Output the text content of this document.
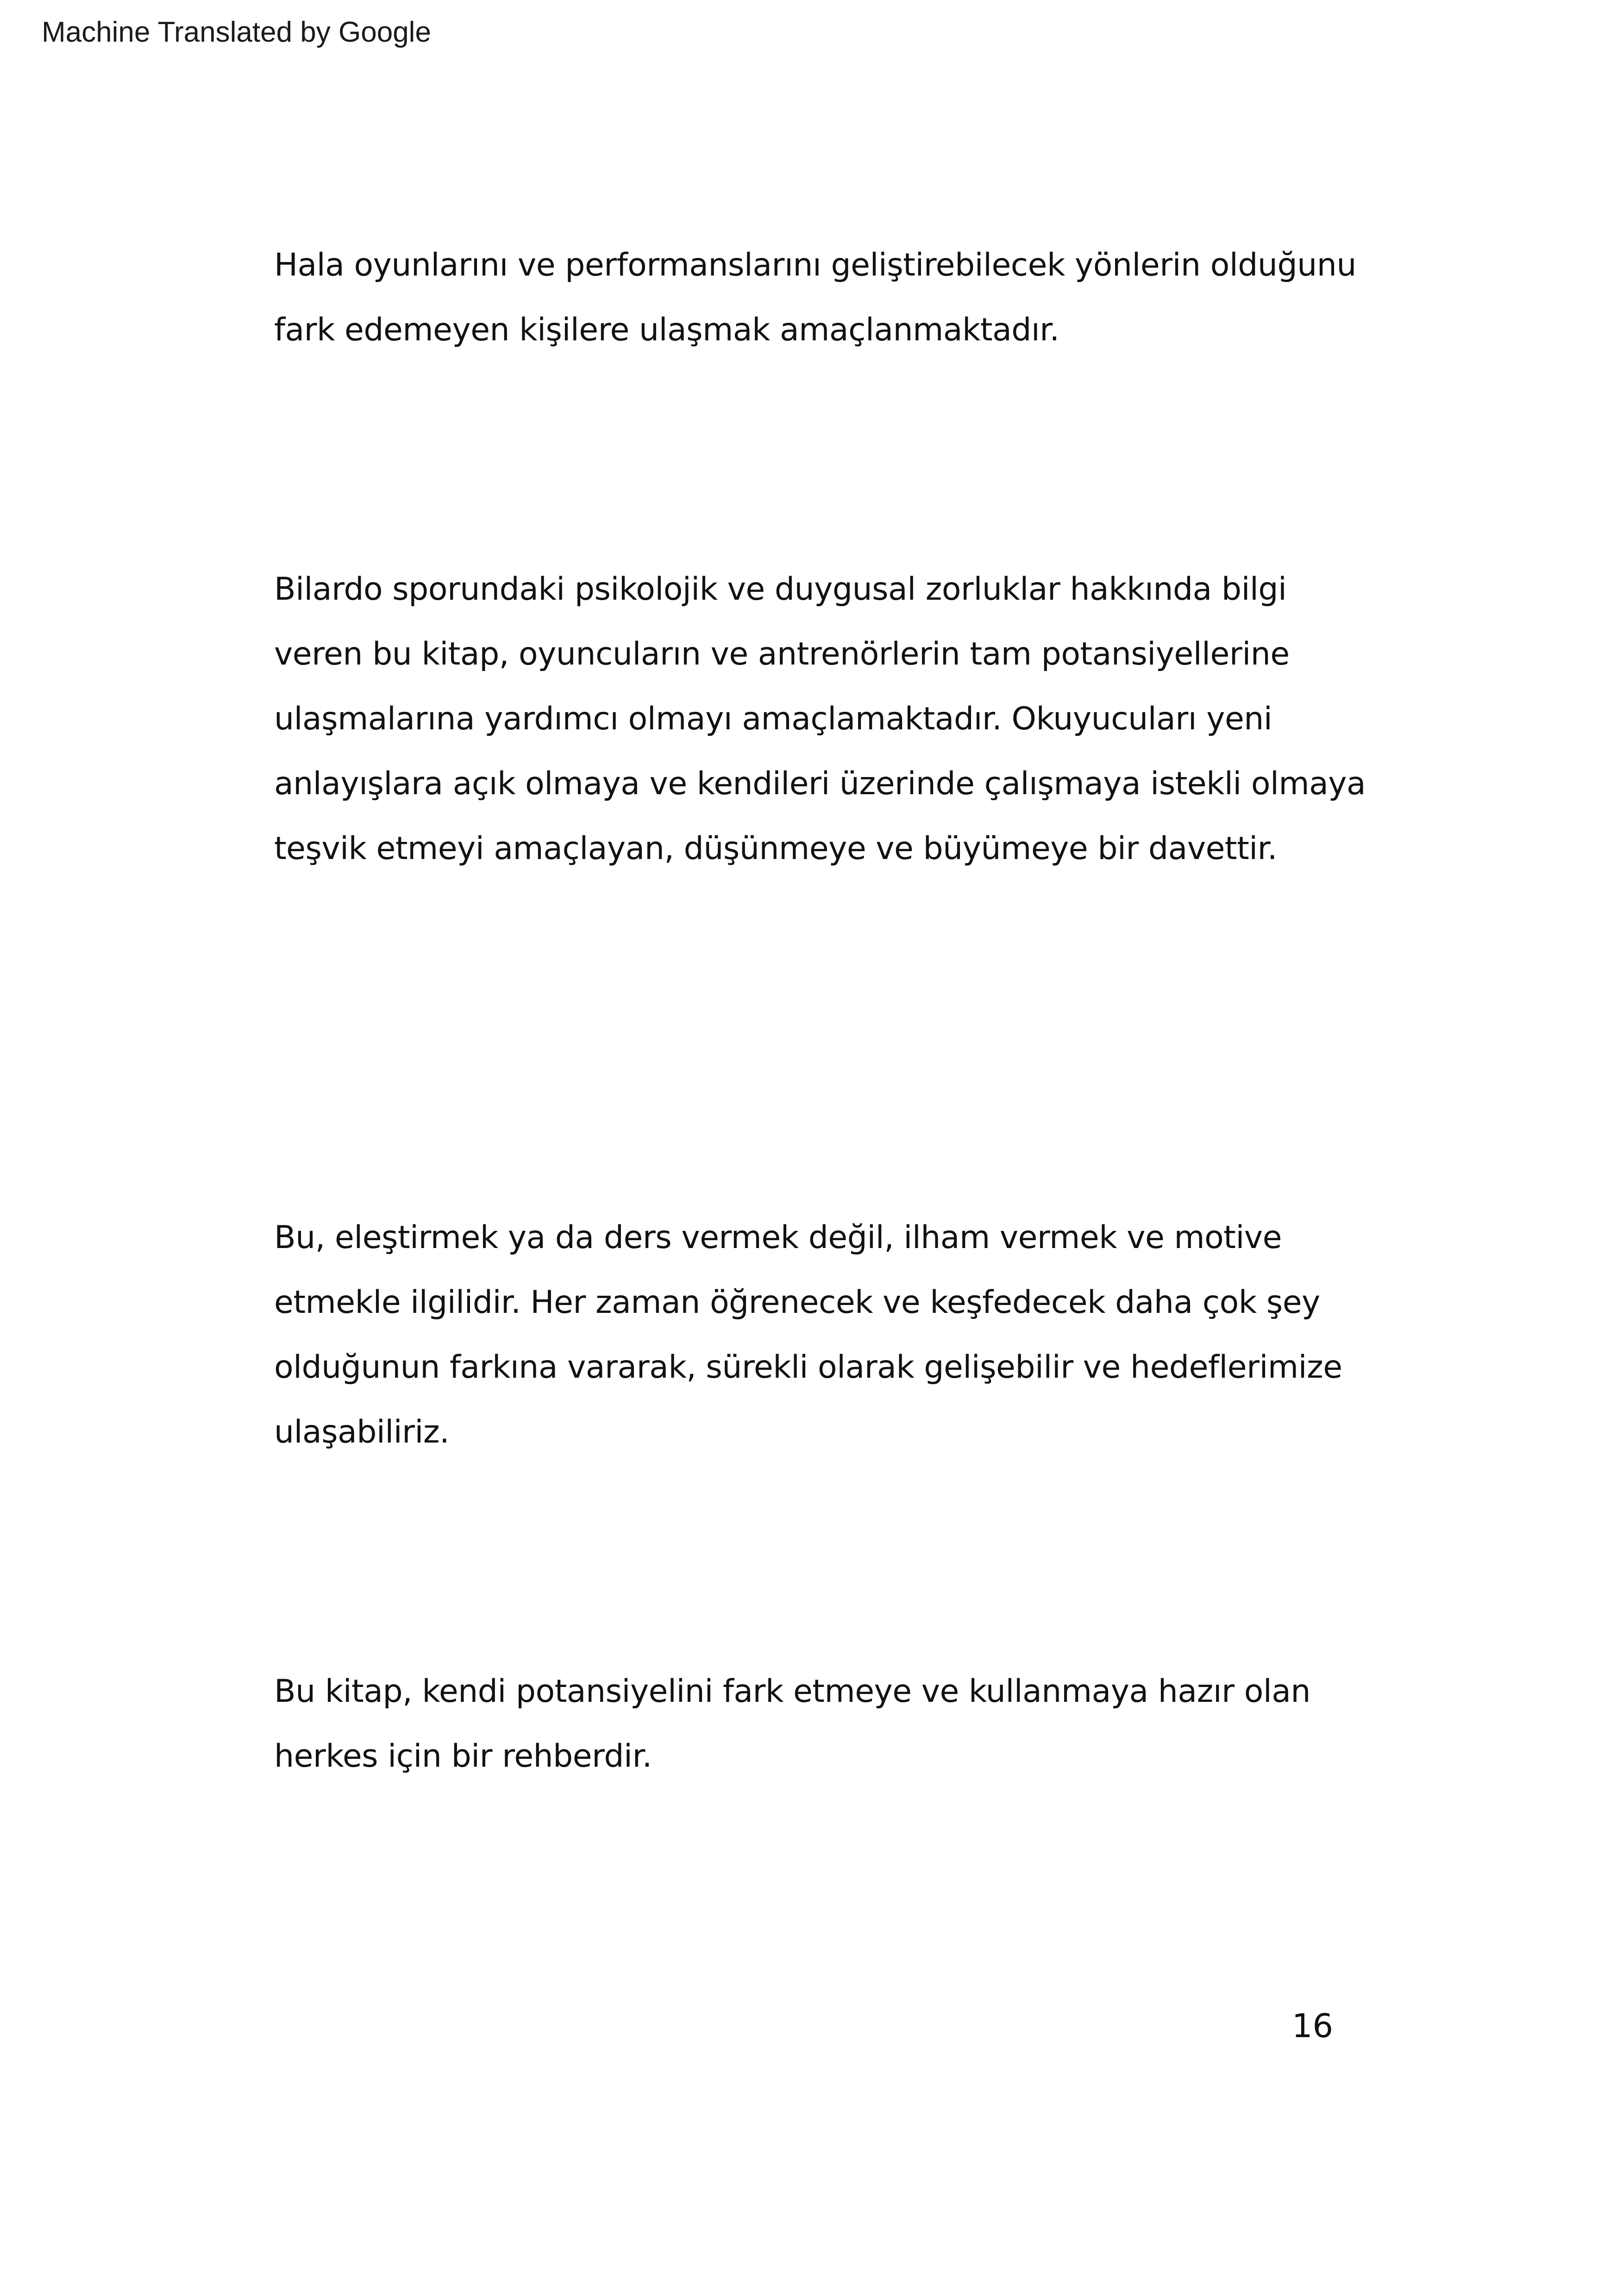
Machine Translated by Google
Hala oyunlarını ve performanslarını geliştirebilecek yönlerin olduğunu
fark edemeyen kişilere ulaşmak amaçlanmaktadır.
Bilardo sporundaki psikolojik ve duygusal zorluklar hakkında bilgi
veren bu kitap, oyuncuların ve antrenörlerin tam potansiyellerine
ulaşmalarına yardımcı olmayı amaçlamaktadır. Okuyucuları yeni
anlayışlara açık olmaya ve kendileri üzerinde çalışmaya istekli olmaya
teşvik etmeyi amaçlayan, düşünmeye ve büyümeye bir davettir.
Bu, eleştirmek ya da ders vermek değil, ilham vermek ve motive
etmekle ilgilidir. Her zaman öğrenecek ve keşfedecek daha çok şey
olduğunun farkına vararak, sürekli olarak gelişebilir ve hedeflerimize
ulaşabiliriz.
Bu kitap, kendi potansiyelini fark etmeye ve kullanmaya hazır olan
herkes için bir rehberdir.
16
